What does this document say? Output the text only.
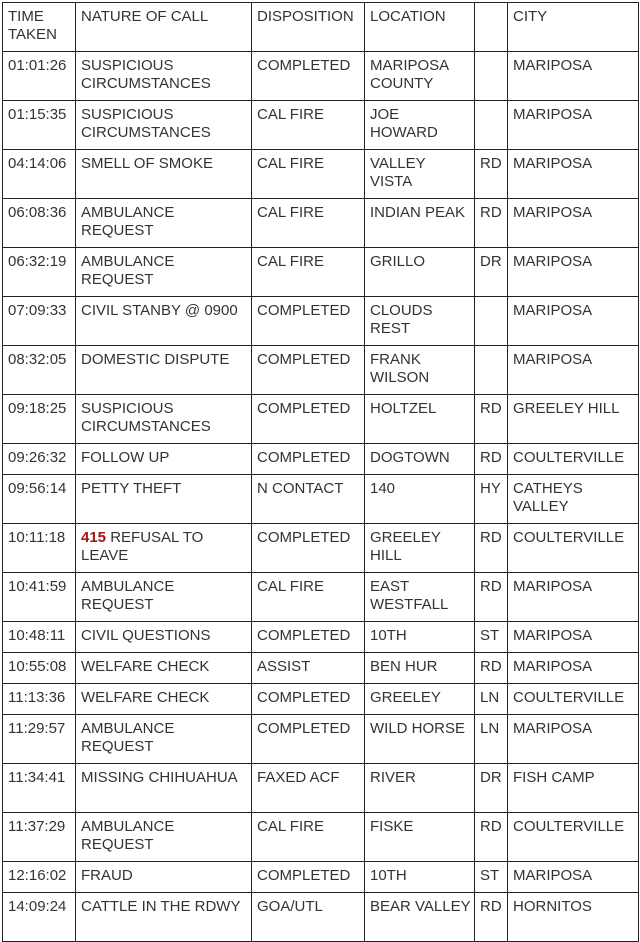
TIME TAKEN	NATURE OF CALL	DISPOSITION	LOCATION		CITY
01:01:26	SUSPICIOUS CIRCUMSTANCES	COMPLETED	MARIPOSA COUNTY		MARIPOSA
01:15:35	SUSPICIOUS CIRCUMSTANCES	CAL FIRE	JOE HOWARD		MARIPOSA
04:14:06	SMELL OF SMOKE	CAL FIRE	VALLEY VISTA	RD	MARIPOSA
06:08:36	AMBULANCE REQUEST	CAL FIRE	INDIAN PEAK	RD	MARIPOSA
06:32:19	AMBULANCE REQUEST	CAL FIRE	GRILLO	DR	MARIPOSA
07:09:33	CIVIL STANBY @ 0900	COMPLETED	CLOUDS REST		MARIPOSA
08:32:05	DOMESTIC DISPUTE	COMPLETED	FRANK WILSON		MARIPOSA
09:18:25	SUSPICIOUS CIRCUMSTANCES	COMPLETED	HOLTZEL	RD	GREELEY HILL
09:26:32	FOLLOW UP	COMPLETED	DOGTOWN	RD	COULTERVILLE
09:56:14	PETTY THEFT	N CONTACT	140	HY	CATHEYS VALLEY
10:11:18	415 REFUSAL TO LEAVE	COMPLETED	GREELEY HILL	RD	COULTERVILLE
10:41:59	AMBULANCE REQUEST	CAL FIRE	EAST WESTFALL	RD	MARIPOSA
10:48:11	CIVIL QUESTIONS	COMPLETED	10TH	ST	MARIPOSA
10:55:08	WELFARE CHECK	ASSIST	BEN HUR	RD	MARIPOSA
11:13:36	WELFARE CHECK	COMPLETED	GREELEY	LN	COULTERVILLE
11:29:57	AMBULANCE REQUEST	COMPLETED	WILD HORSE	LN	MARIPOSA
11:34:41	MISSING CHIHUAHUA	FAXED ACF	RIVER	DR	FISH CAMP
11:37:29	AMBULANCE REQUEST	CAL FIRE	FISKE	RD	COULTERVILLE
12:16:02	FRAUD	COMPLETED	10TH	ST	MARIPOSA
14:09:24	CATTLE IN THE RDWY	GOA/UTL	BEAR VALLEY	RD	HORNITOS
